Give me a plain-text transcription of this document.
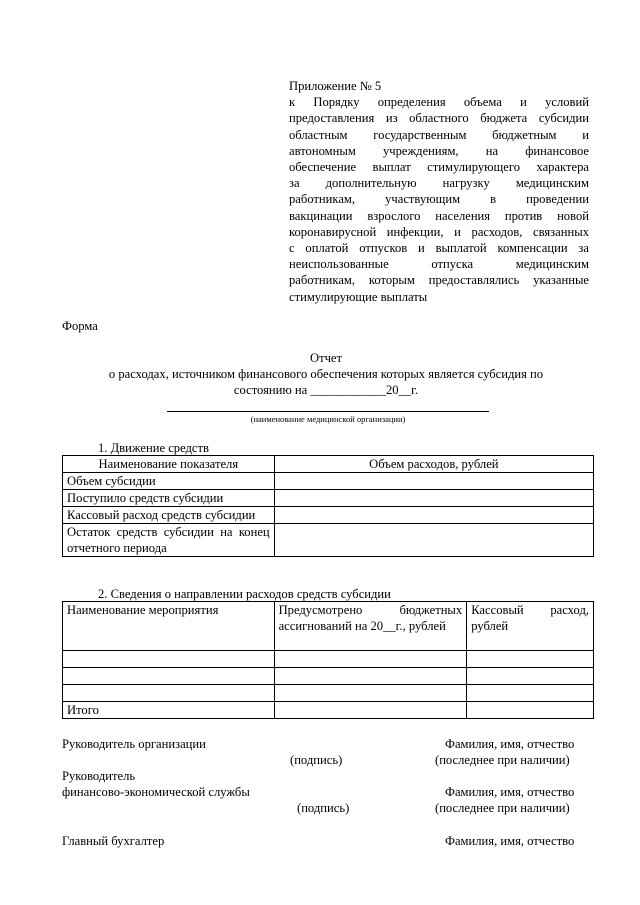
Приложение № 5

к Порядку определения объема и условий
предоставления из областного бюджета субсидии
областным государственным бюджетным и
автономным учреждениям, на финансовое
обеспечение выплат стимулирующего характера
за дополнительную нагрузку медицинским
работникам, участвующим в проведении
вакцинации взрослого населения против новой
коронавирусной инфекции, и расходов, связанных
с оплатой отпусков и выплатой компенсации за
неиспользованные отпуска медицинским
работникам, которым предоставлялись указанные
стимулирующие выплаты
Форма
Отчет
о расходах, источником финансового обеспечения которых является субсидия по
состоянию на ____________20__г.
(наименование медицинской организации)
1. Движение средств
Наименование показателя	Объем расходов, рублей
Объем субсидии	
Поступило средств субсидии	
Кассовый расход средств субсидии	
Остаток средств субсидии на конец отчетного периода	
2. Сведения о направлении расходов средств субсидии
Наименование мероприятия	Предусмотрено бюджетных ассигнований на 20__г., рублей	Кассовый расход, рублей

Итого		
Руководитель организации	Фамилия, имя, отчество
(подпись)	(последнее при наличии)
Руководитель
финансово-экономической службы	Фамилия, имя, отчество
(подпись)	(последнее при наличии)
Главный бухгалтер	Фамилия, имя, отчество
